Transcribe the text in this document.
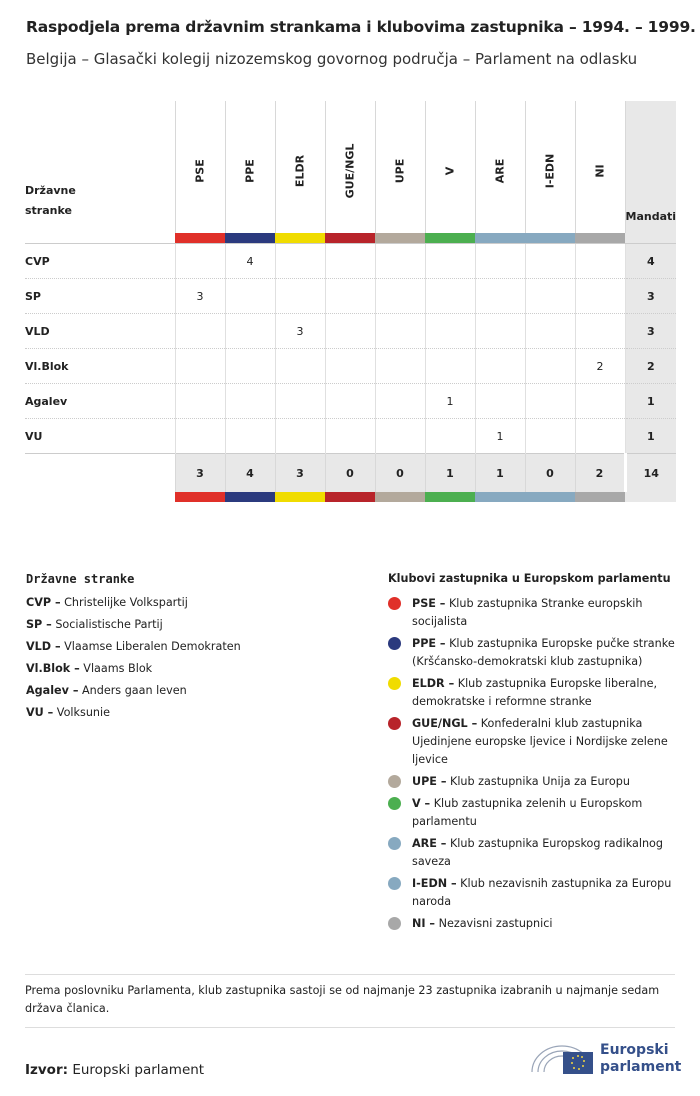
Raspodjela prema državnim strankama i klubovima zastupnika – 1994. – 1999.
Belgija – Glasački kolegij nizozemskog govornog područja – Parlament na odlasku
Državne
stranke	PSE	PPE	ELDR	GUE/NGL	UPE	V	ARE	I-EDN	NI	Mandati

CVP		4								4
SP	3									3
VLD			3							3
Vl.Blok									2	2
Agalev						1				1
VU							1			1
	3	4	3	0	0	1	1	0	2	14

Državne stranke
CVP – Christelijke Volkspartij
SP – Socialistische Partij
VLD – Vlaamse Liberalen Demokraten
Vl.Blok – Vlaams Blok
Agalev – Anders gaan leven
VU – Volksunie
Klubovi zastupnika u Europskom parlamentu
PSE – Klub zastupnika Stranke europskih socijalista
PPE – Klub zastupnika Europske pučke stranke (Kršćansko-demokratski klub zastupnika)
ELDR – Klub zastupnika Europske liberalne, demokratske i reformne stranke
GUE/NGL – Konfederalni klub zastupnika Ujedinjene europske ljevice i Nordijske zelene ljevice
UPE – Klub zastupnika Unija za Europu
V – Klub zastupnika zelenih u Europskom parlamentu
ARE – Klub zastupnika Europskog radikalnog saveza
I-EDN – Klub nezavisnih zastupnika za Europu naroda
NI – Nezavisni zastupnici
Prema poslovniku Parlamenta, klub zastupnika sastoji se od najmanje 23 zastupnika izabranih u najmanje sedam država članica.
Izvor: Europski parlament
Europski
parlament
